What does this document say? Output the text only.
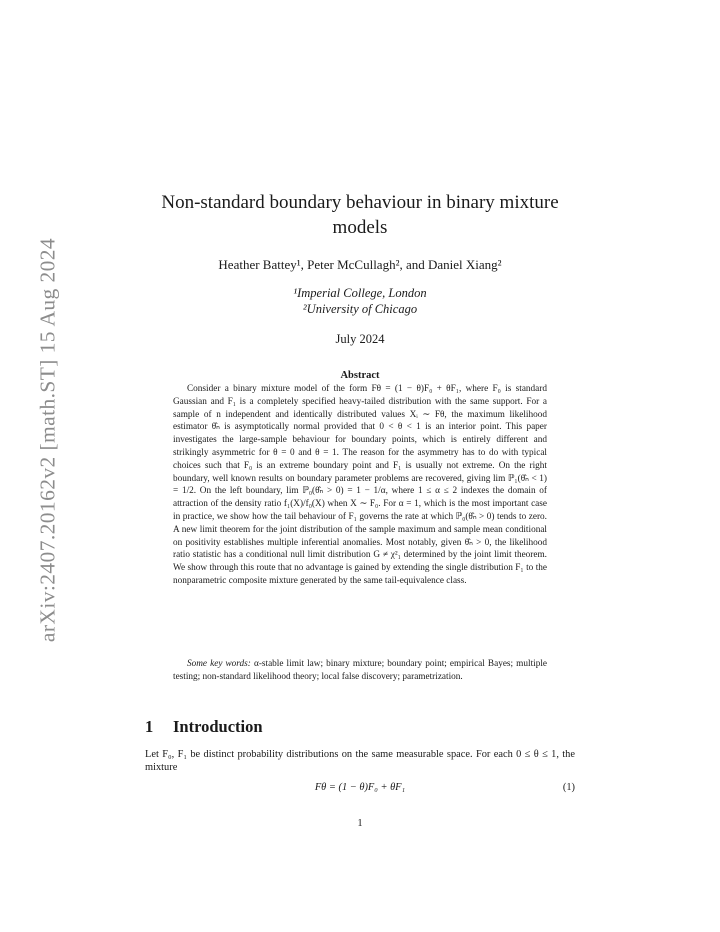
arXiv:2407.20162v2 [math.ST] 15 Aug 2024
Non-standard boundary behaviour in binary mixture models
Heather Battey¹, Peter McCullagh², and Daniel Xiang²
¹Imperial College, London
²University of Chicago
July 2024
Abstract

Consider a binary mixture model of the form Fθ = (1 − θ)F₀ + θF₁, where F₀ is standard Gaussian and F₁ is a completely specified heavy-tailed distribution with the same support. For a sample of n independent and identically distributed values Xᵢ ∼ Fθ, the maximum likelihood estimator θ̂ₙ is asymptotically normal provided that 0 < θ < 1 is an interior point. This paper investigates the large-sample behaviour for boundary points, which is entirely different and strikingly asymmetric for θ = 0 and θ = 1. The reason for the asymmetry has to do with typical choices such that F₀ is an extreme boundary point and F₁ is usually not extreme. On the right boundary, well known results on boundary parameter problems are recovered, giving lim ℙ₁(θ̂ₙ < 1) = 1/2. On the left boundary, lim ℙ₀(θ̂ₙ > 0) = 1 − 1/α, where 1 ≤ α ≤ 2 indexes the domain of attraction of the density ratio f₁(X)/f₀(X) when X ∼ F₀. For α = 1, which is the most important case in practice, we show how the tail behaviour of F₁ governs the rate at which ℙ₀(θ̂ₙ > 0) tends to zero. A new limit theorem for the joint distribution of the sample maximum and sample mean conditional on positivity establishes multiple inferential anomalies. Most notably, given θ̂ₙ > 0, the likelihood ratio statistic has a conditional null limit distribution G ≠ χ²₁ determined by the joint limit theorem. We show through this route that no advantage is gained by extending the single distribution F₁ to the nonparametric composite mixture generated by the same tail-equivalence class.

Some key words: α-stable limit law; binary mixture; boundary point; empirical Bayes; multiple testing; non-standard likelihood theory; local false discovery; parametrization.

1 Introduction

Let F₀, F₁ be distinct probability distributions on the same measurable space. For each 0 ≤ θ ≤ 1, the mixture

Fθ = (1 − θ)F₀ + θF₁	(1)
1
